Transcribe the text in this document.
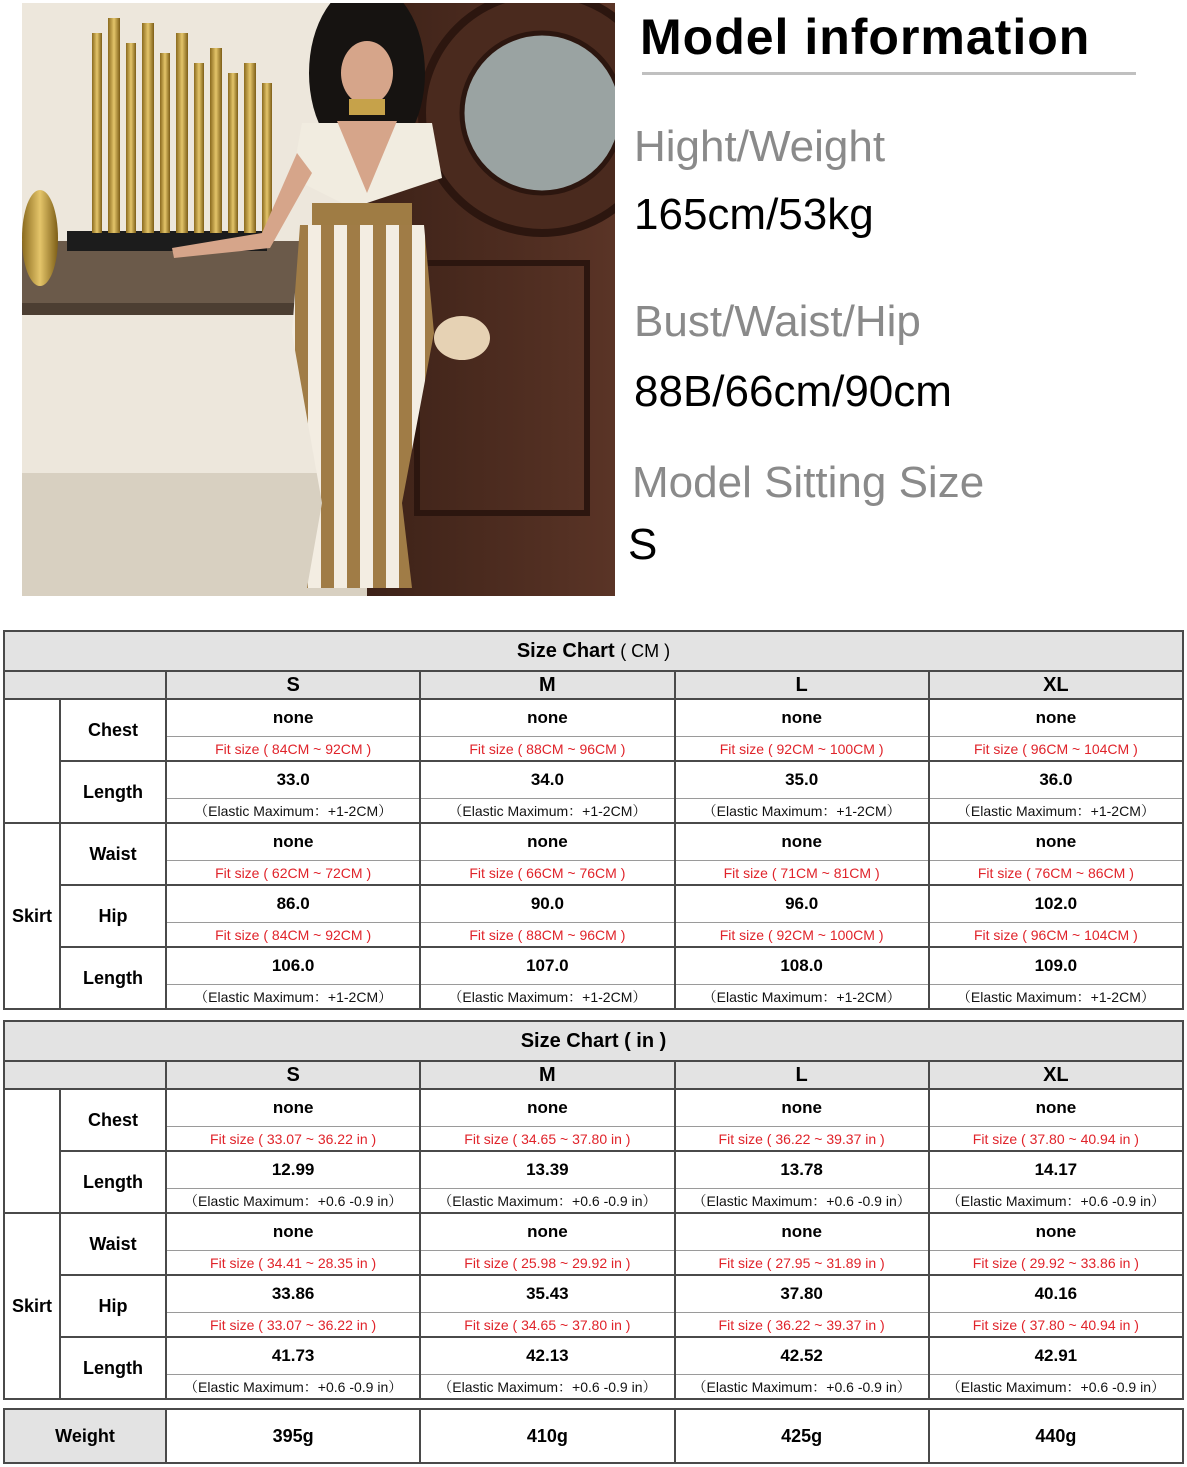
Model information
Hight/Weight
165cm/53kg
Bust/Waist/Hip
88B/66cm/90cm
Model Sitting Size
S
Size Chart ( CM )					
		S	M	L	XL
	Chest	none	none	none	none
		Fit size ( 84CM ~ 92CM )	Fit size ( 88CM ~ 96CM )	Fit size ( 92CM ~ 100CM )	Fit size ( 96CM ~ 104CM )
	Length	33.0	34.0	35.0	36.0
		（Elastic Maximum：+1-2CM）	（Elastic Maximum：+1-2CM）	（Elastic Maximum：+1-2CM）	（Elastic Maximum：+1-2CM）
Skirt	Waist	none	none	none	none
		Fit size ( 62CM ~ 72CM )	Fit size ( 66CM ~ 76CM )	Fit size ( 71CM ~ 81CM )	Fit size ( 76CM ~ 86CM )
	Hip	86.0	90.0	96.0	102.0
		Fit size ( 84CM ~ 92CM )	Fit size ( 88CM ~ 96CM )	Fit size ( 92CM ~ 100CM )	Fit size ( 96CM ~ 104CM )
	Length	106.0	107.0	108.0	109.0
		（Elastic Maximum：+1-2CM）	（Elastic Maximum：+1-2CM）	（Elastic Maximum：+1-2CM）	（Elastic Maximum：+1-2CM）
Size Chart ( in )					
		S	M	L	XL
	Chest	none	none	none	none
		Fit size ( 33.07 ~ 36.22 in )	Fit size ( 34.65 ~ 37.80 in )	Fit size ( 36.22 ~ 39.37 in )	Fit size ( 37.80 ~ 40.94 in )
	Length	12.99	13.39	13.78	14.17
		（Elastic Maximum：+0.6 -0.9 in）	（Elastic Maximum：+0.6 -0.9 in）	（Elastic Maximum：+0.6 -0.9 in）	（Elastic Maximum：+0.6 -0.9 in）
Skirt	Waist	none	none	none	none
		Fit size ( 34.41 ~ 28.35 in )	Fit size ( 25.98 ~ 29.92 in )	Fit size ( 27.95 ~ 31.89 in )	Fit size ( 29.92 ~ 33.86 in )
	Hip	33.86	35.43	37.80	40.16
		Fit size ( 33.07 ~ 36.22 in )	Fit size ( 34.65 ~ 37.80 in )	Fit size ( 36.22 ~ 39.37 in )	Fit size ( 37.80 ~ 40.94 in )
	Length	41.73	42.13	42.52	42.91
		（Elastic Maximum：+0.6 -0.9 in）	（Elastic Maximum：+0.6 -0.9 in）	（Elastic Maximum：+0.6 -0.9 in）	（Elastic Maximum：+0.6 -0.9 in）
Weight	395g	410g	425g	440g
